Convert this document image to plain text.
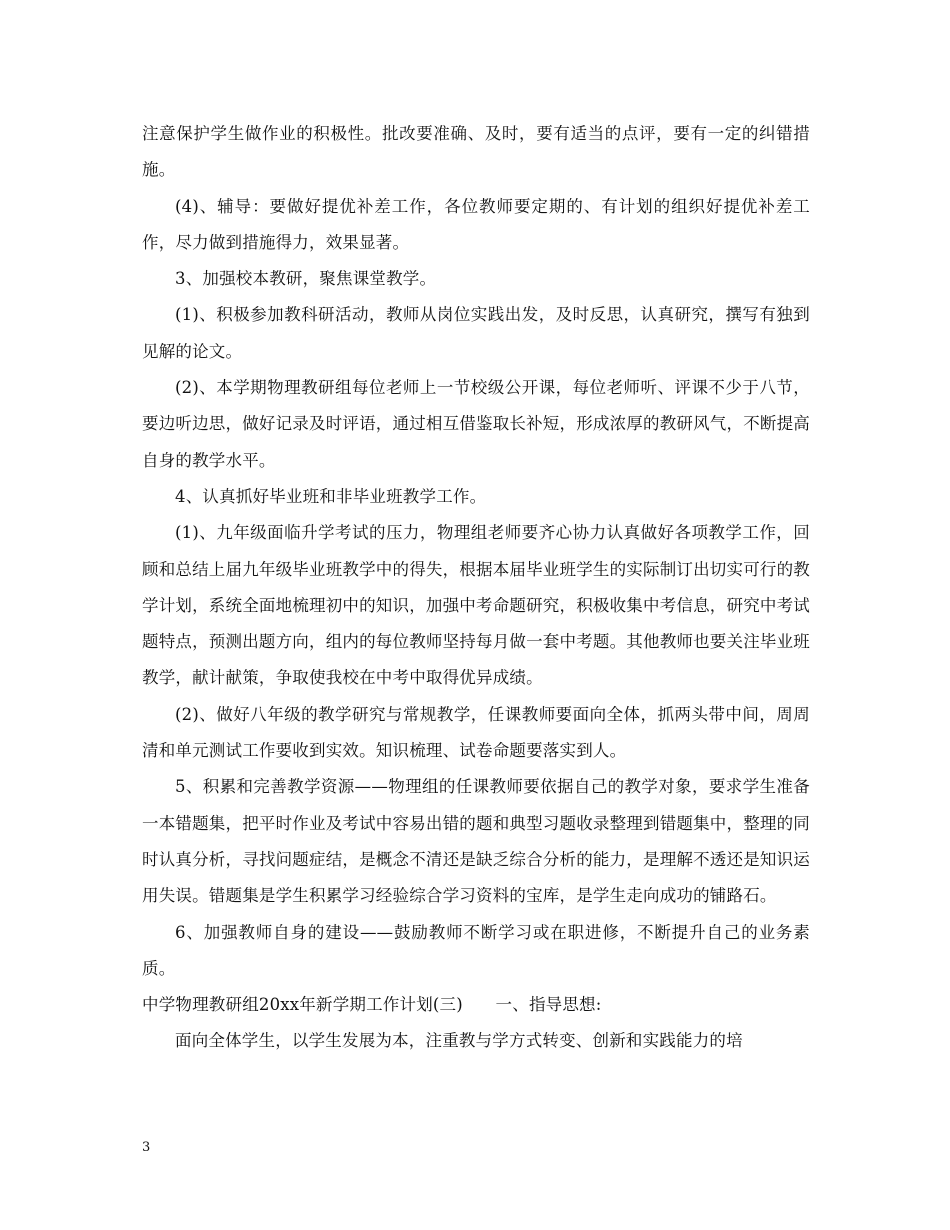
注意保护学生做作业的积极性。批改要准确、及时，要有适当的点评，要有一定的纠错措施。

(4)、辅导：要做好提优补差工作，各位教师要定期的、有计划的组织好提优补差工作，尽力做到措施得力，效果显著。

3、加强校本教研，聚焦课堂教学。

(1)、积极参加教科研活动，教师从岗位实践出发，及时反思，认真研究，撰写有独到见解的论文。

(2)、本学期物理教研组每位老师上一节校级公开课，每位老师听、评课不少于八节，要边听边思，做好记录及时评语，通过相互借鉴取长补短，形成浓厚的教研风气，不断提高自身的教学水平。

4、认真抓好毕业班和非毕业班教学工作。

(1)、九年级面临升学考试的压力，物理组老师要齐心协力认真做好各项教学工作，回顾和总结上届九年级毕业班教学中的得失，根据本届毕业班学生的实际制订出切实可行的教学计划，系统全面地梳理初中的知识，加强中考命题研究，积极收集中考信息，研究中考试题特点，预测出题方向，组内的每位教师坚持每月做一套中考题。其他教师也要关注毕业班教学，献计献策，争取使我校在中考中取得优异成绩。

(2)、做好八年级的教学研究与常规教学，任课教师要面向全体，抓两头带中间，周周清和单元测试工作要收到实效。知识梳理、试卷命题要落实到人。

5、积累和完善教学资源——物理组的任课教师要依据自己的教学对象，要求学生准备一本错题集，把平时作业及考试中容易出错的题和典型习题收录整理到错题集中，整理的同时认真分析，寻找问题症结，是概念不清还是缺乏综合分析的能力，是理解不透还是知识运用失误。错题集是学生积累学习经验综合学习资料的宝库，是学生走向成功的铺路石。

6、加强教师自身的建设——鼓励教师不断学习或在职进修，不断提升自己的业务素质。

中学物理教研组20xx年新学期工作计划(三)      一、指导思想:

面向全体学生，以学生发展为本，注重教与学方式转变、创新和实践能力的培

3
